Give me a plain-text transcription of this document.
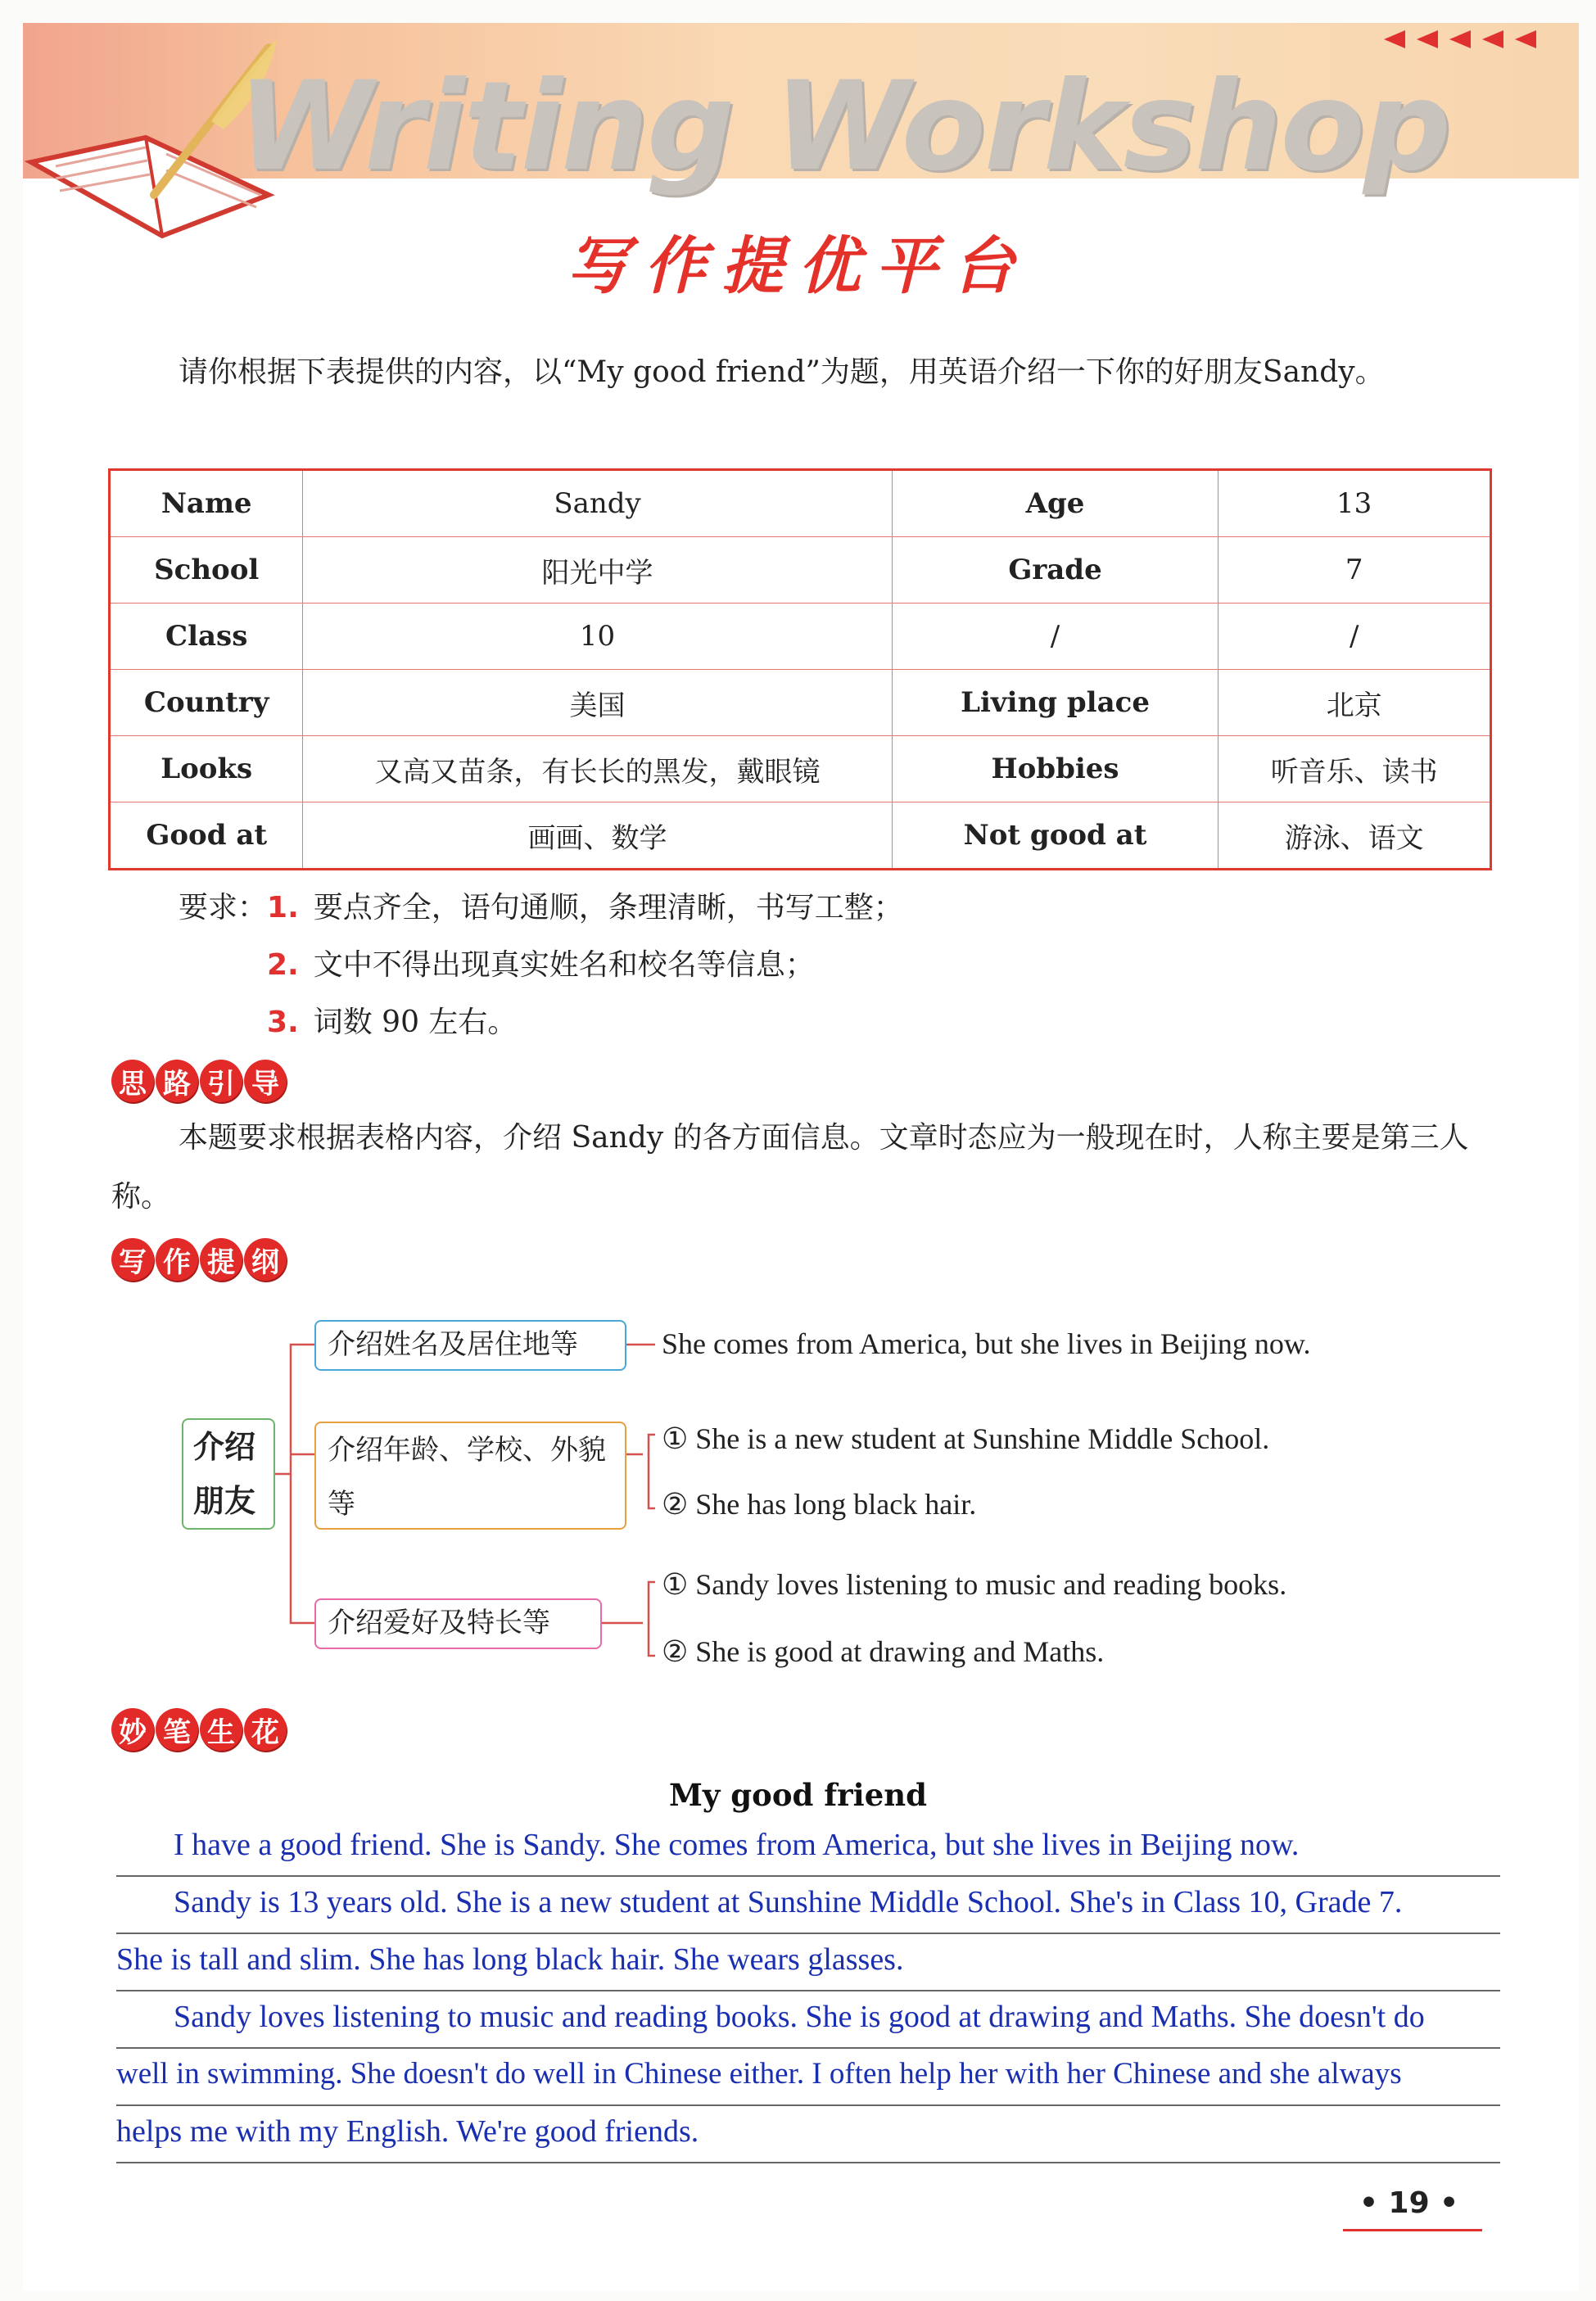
Writing Workshop
写作提优平台
请你根据下表提供的内容，以“My good friend”为题，用英语介绍一下你的好朋友Sandy。
Name	Sandy	Age	13
School	阳光中学	Grade	7
Class	10	/	/
Country	美国	Living place	北京
Looks	又高又苗条，有长长的黑发，戴眼镜	Hobbies	听音乐、读书
Good at	画画、数学	Not good at	游泳、语文
要求：1. 要点齐全，语句通顺，条理清晰，书写工整；
2. 文中不得出现真实姓名和校名等信息；
3. 词数 90 左右。
思 路 引 导
本题要求根据表格内容，介绍 Sandy 的各方面信息。文章时态应为一般现在时，人称主要是第三人称。
写 作 提 纲
介绍朋友
介绍姓名及居住地等
介绍年龄、学校、外貌等
介绍爱好及特长等
She comes from America, but she lives in Beijing now.
① She is a new student at Sunshine Middle School.
② She has long black hair.
① Sandy loves listening to music and reading books.
② She is good at drawing and Maths.
妙 笔 生 花
My good friend
I have a good friend. She is Sandy. She comes from America, but she lives in Beijing now.
Sandy is 13 years old. She is a new student at Sunshine Middle School. She's in Class 10, Grade 7.
She is tall and slim. She has long black hair. She wears glasses.
Sandy loves listening to music and reading books. She is good at drawing and Maths. She doesn't do
well in swimming. She doesn't do well in Chinese either. I often help her with her Chinese and she always
helps me with my English. We're good friends.
• 19 •
